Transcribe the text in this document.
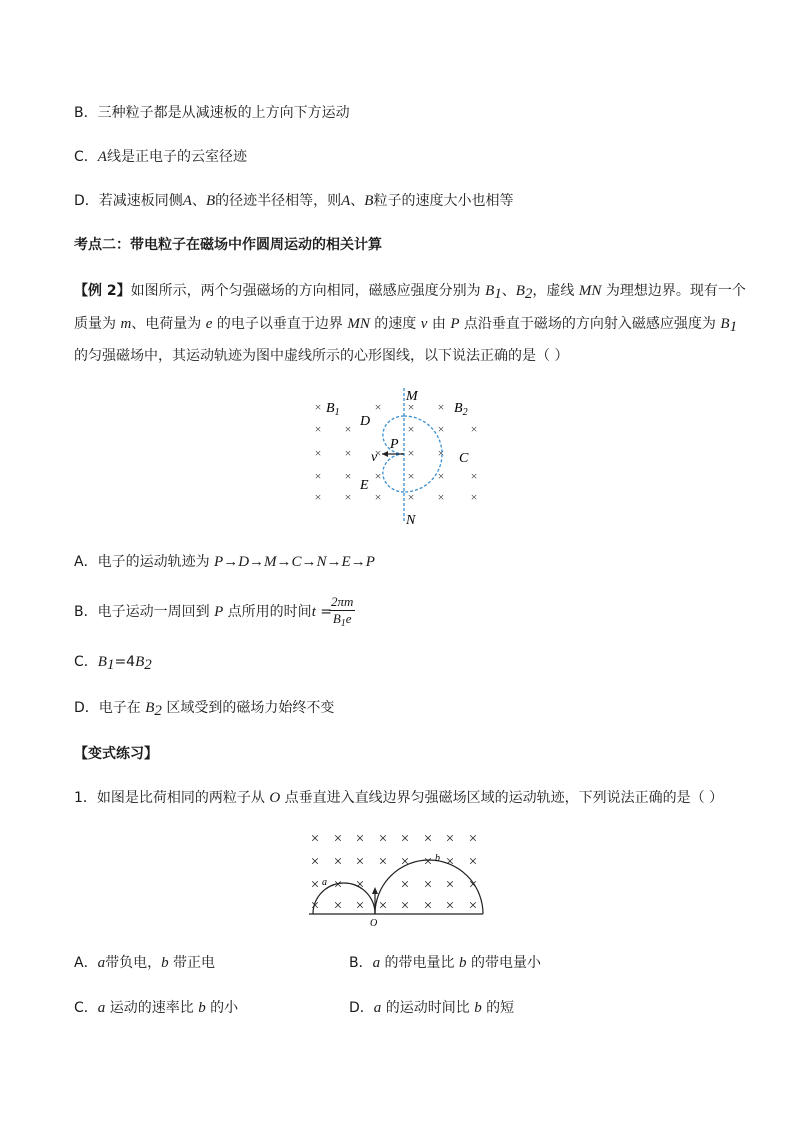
B．三种粒子都是从减速板的上方向下方运动
C．A线是正电子的云室径迹
D．若减速板同侧A、B的径迹半径相等，则A、B粒子的速度大小也相等
考点二：带电粒子在磁场中作圆周运动的相关计算
【例 2】如图所示，两个匀强磁场的方向相同，磁感应强度分别为 $B_1$、$B_2$，虚线 MN 为理想边界。现有一个
质量为 m、电荷量为 e 的电子以垂直于边界 MN 的速度 v 由 P 点沿垂直于磁场的方向射入磁感应强度为 $B_1$
的匀强磁场中，其运动轨迹为图中虚线所示的心形图线，以下说法正确的是（ ）
×	× × ×
× ×	× × ×
× × × × ×
× × × × × ×
× × × × × ×
M
N
D
P
v	C
E
$B_1$	$B_2$
A．电子的运动轨迹为 P→D→M→C→N→E→P
B．电子运动一周回到 P 点所用的时间t =
$\frac{2\pi m}{B_1e}$
C．$B_1=4B_2$
D．电子在 $B_2$ 区域受到的磁场力始终不变
【变式练习】
1．如图是比荷相同的两粒子从 O 点垂直进入直线边界匀强磁场区域的运动轨迹，下列说法正确的是（ ）
× × × × × × × ×
× × × × × × × ×
× × × × × × ×
× × × × × × × ×
a
b
O
A．a带负电，b 带正电	B．a 的带电量比 b 的带电量小
C．a 运动的速率比 b 的小	D．a 的运动时间比 b 的短
